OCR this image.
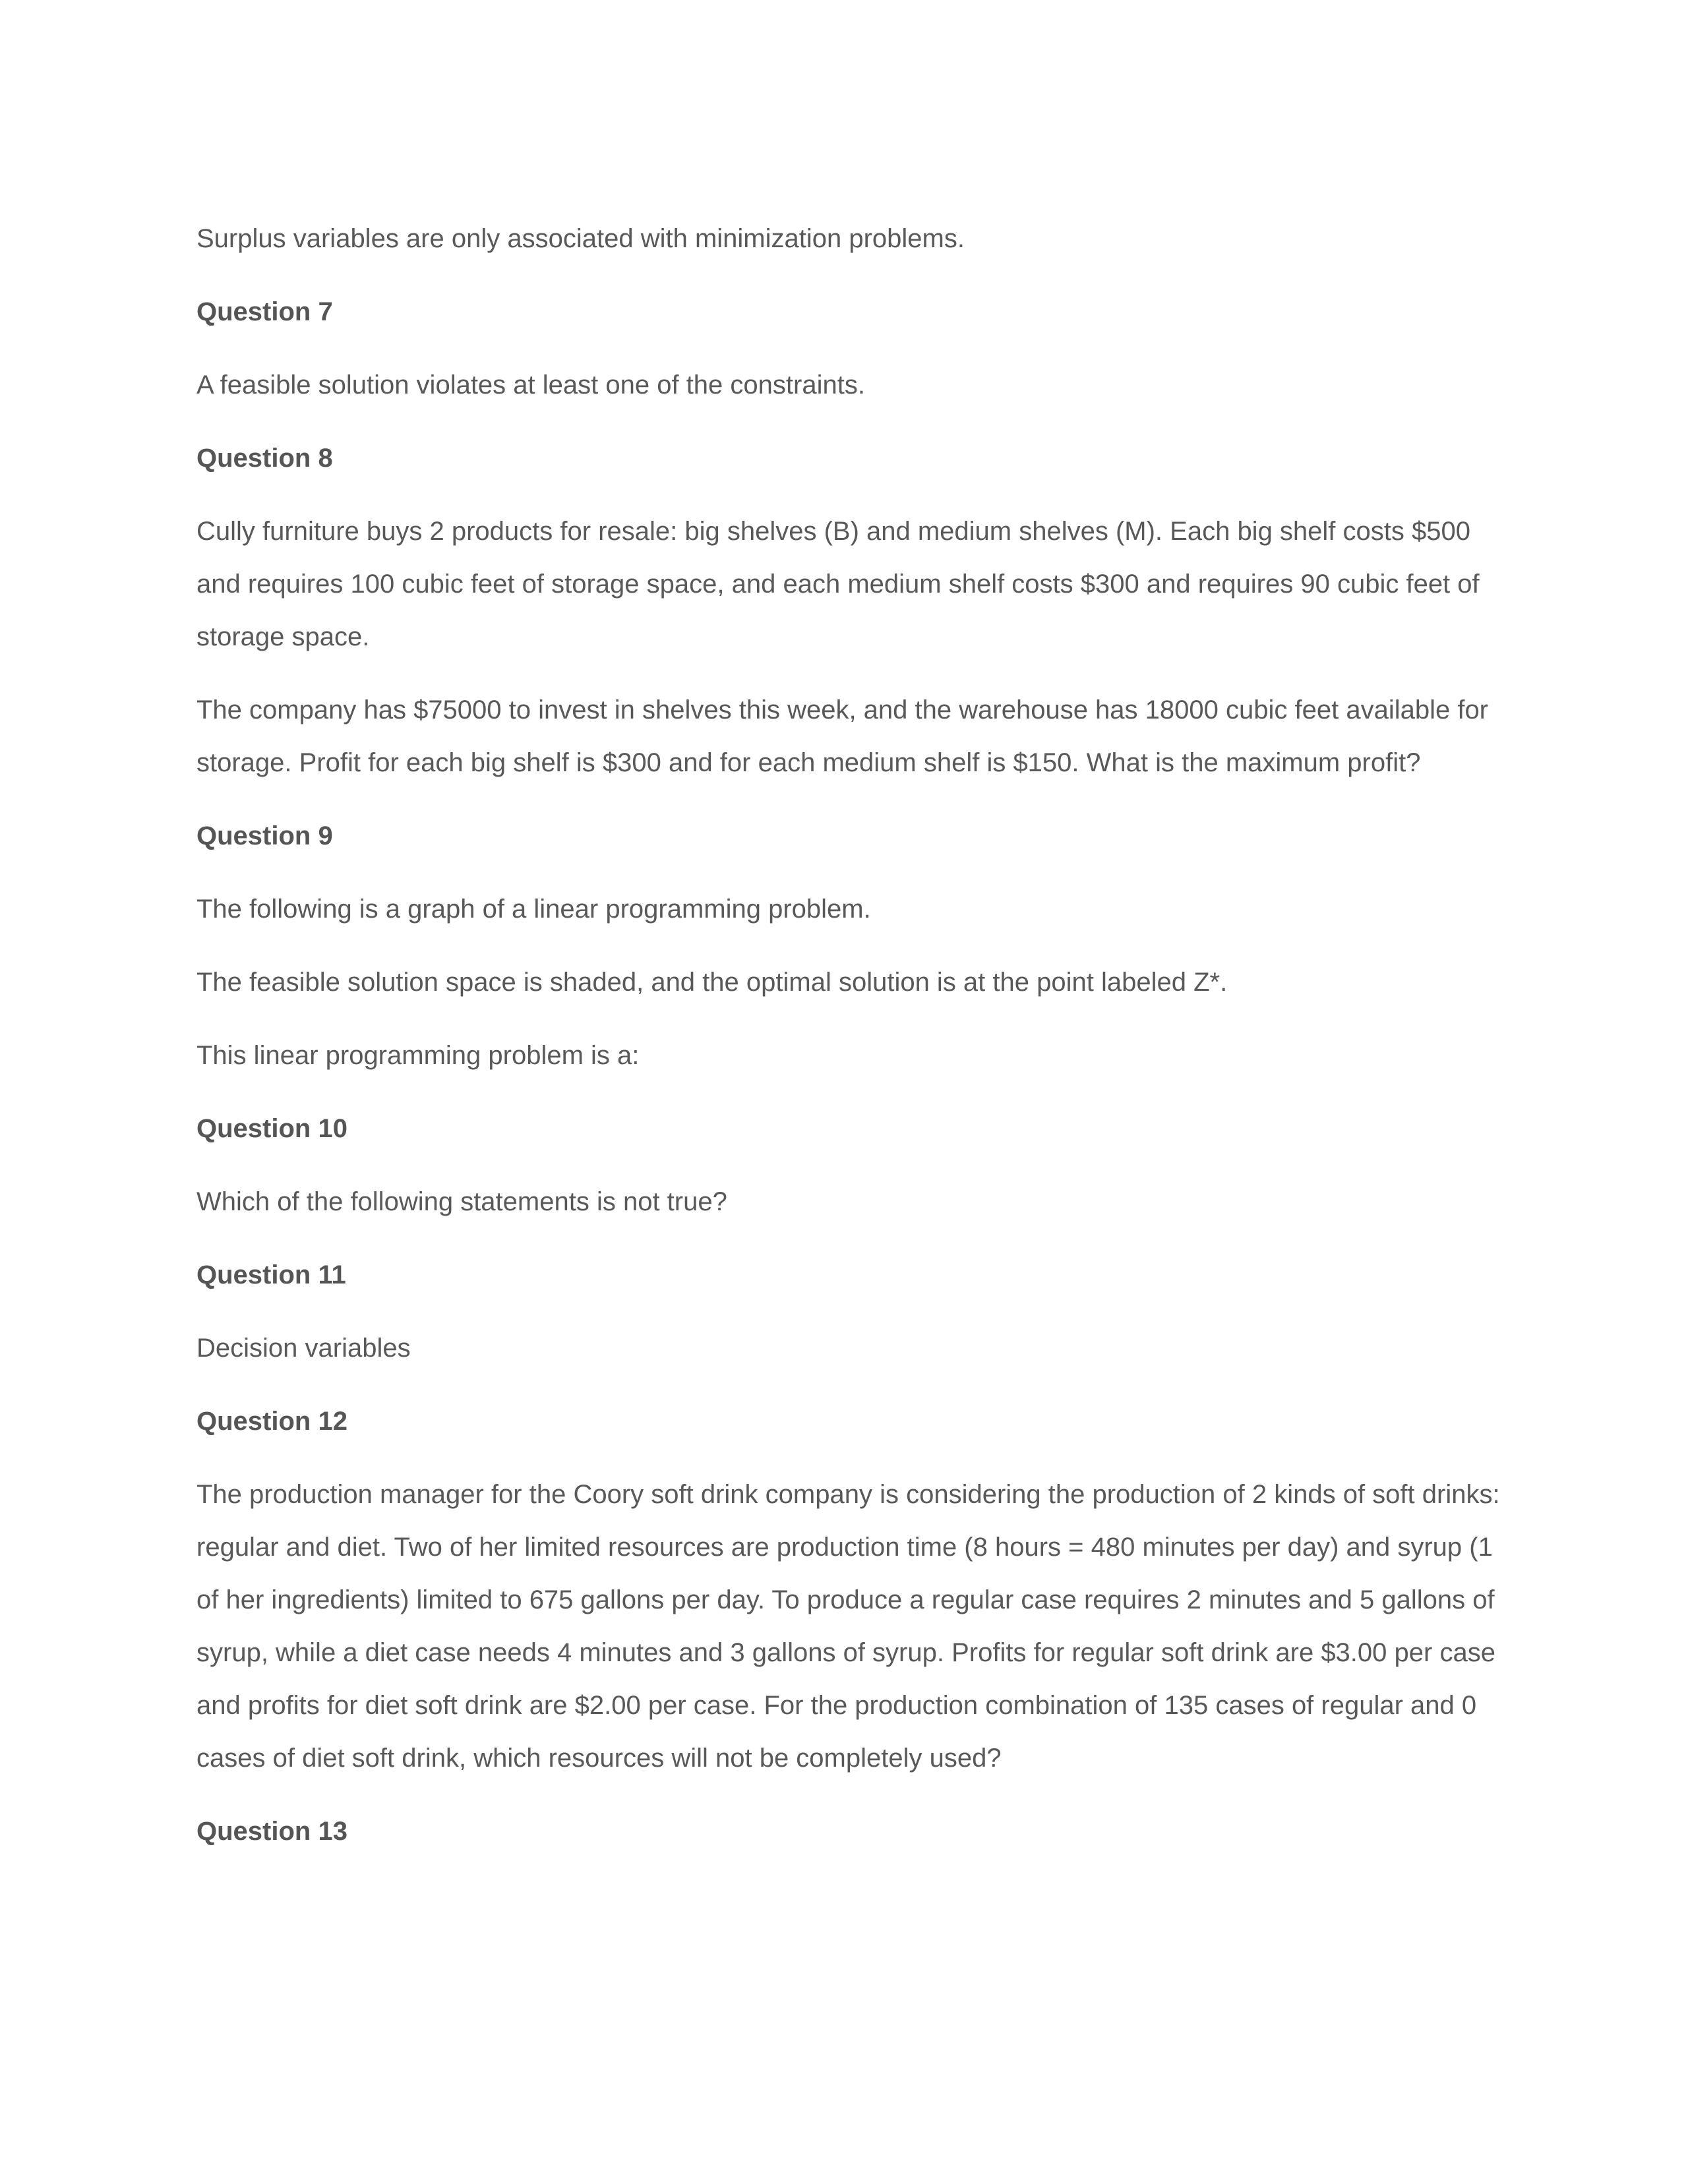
Surplus variables are only associated with minimization problems.
Question 7
A feasible solution violates at least one of the constraints.
Question 8
Cully furniture buys 2 products for resale: big shelves (B) and medium shelves (M). Each big shelf costs $500 and requires 100 cubic feet of storage space, and each medium shelf costs $300 and requires 90 cubic feet of storage space.
The company has $75000 to invest in shelves this week, and the warehouse has 18000 cubic feet available for storage. Profit for each big shelf is $300 and for each medium shelf is $150. What is the maximum profit?
Question 9
The following is a graph of a linear programming problem.
The feasible solution space is shaded, and the optimal solution is at the point labeled Z*.
This linear programming problem is a:
Question 10
Which of the following statements is not true?
Question 11
Decision variables
Question 12
The production manager for the Coory soft drink company is considering the production of 2 kinds of soft drinks: regular and diet. Two of her limited resources are production time (8 hours = 480 minutes per day) and syrup (1 of her ingredients) limited to 675 gallons per day. To produce a regular case requires 2 minutes and 5 gallons of syrup, while a diet case needs 4 minutes and 3 gallons of syrup. Profits for regular soft drink are $3.00 per case and profits for diet soft drink are $2.00 per case. For the production combination of 135 cases of regular and 0 cases of diet soft drink, which resources will not be completely used?
Question 13
